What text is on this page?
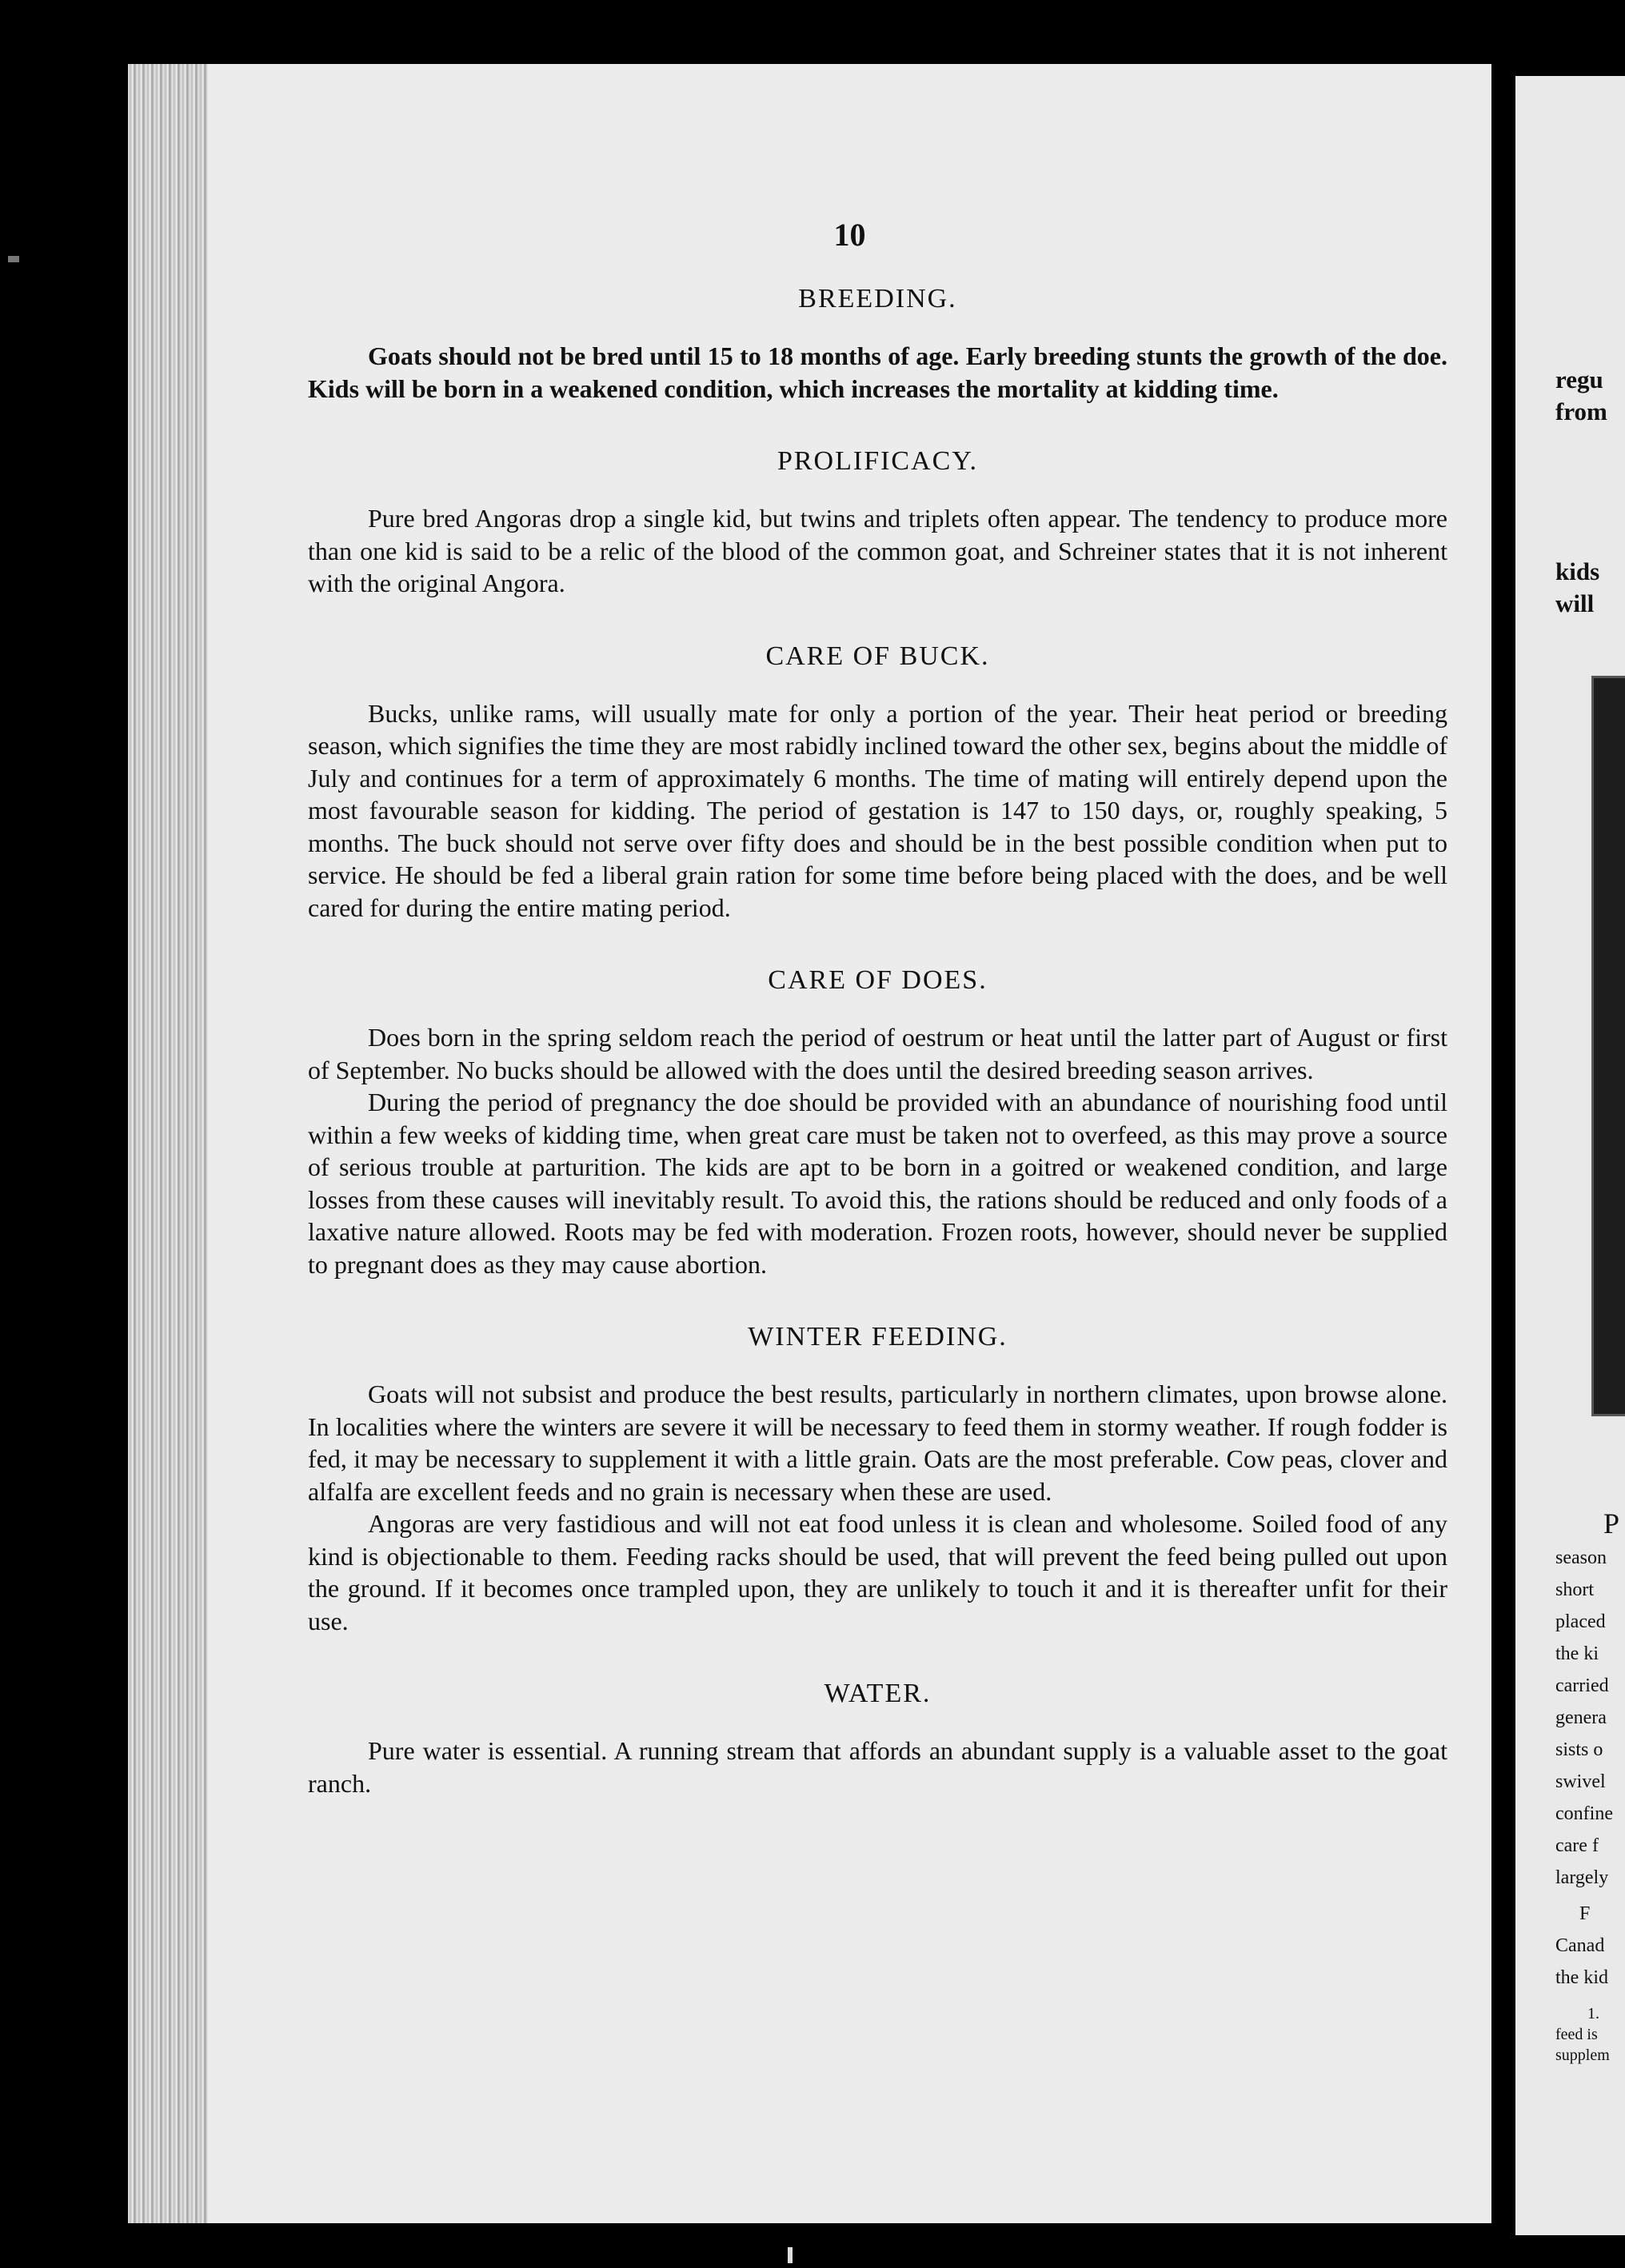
10
BREEDING.

Goats should not be bred until 15 to 18 months of age. Early breeding stunts the growth of the doe. Kids will be born in a weakened condition, which increases the mortality at kidding time.

PROLIFICACY.

Pure bred Angoras drop a single kid, but twins and triplets often appear. The tendency to produce more than one kid is said to be a relic of the blood of the common goat, and Schreiner states that it is not inherent with the original Angora.

CARE OF BUCK.

Bucks, unlike rams, will usually mate for only a portion of the year. Their heat period or breeding season, which signifies the time they are most rabidly inclined toward the other sex, begins about the middle of July and continues for a term of approximately 6 months. The time of mating will entirely depend upon the most favourable season for kidding. The period of gestation is 147 to 150 days, or, roughly speaking, 5 months. The buck should not serve over fifty does and should be in the best possible condition when put to service. He should be fed a liberal grain ration for some time before being placed with the does, and be well cared for during the entire mating period.

CARE OF DOES.

Does born in the spring seldom reach the period of oestrum or heat until the latter part of August or first of September. No bucks should be allowed with the does until the desired breeding season arrives.

During the period of pregnancy the doe should be provided with an abundance of nourishing food until within a few weeks of kidding time, when great care must be taken not to overfeed, as this may prove a source of serious trouble at parturition. The kids are apt to be born in a goitred or weakened condition, and large losses from these causes will inevitably result. To avoid this, the rations should be reduced and only foods of a laxative nature allowed. Roots may be fed with moderation. Frozen roots, however, should never be supplied to pregnant does as they may cause abortion.

WINTER FEEDING.

Goats will not subsist and produce the best results, particularly in northern climates, upon browse alone. In localities where the winters are severe it will be necessary to feed them in stormy weather. If rough fodder is fed, it may be necessary to supplement it with a little grain. Oats are the most preferable. Cow peas, clover and alfalfa are excellent feeds and no grain is necessary when these are used.

Angoras are very fastidious and will not eat food unless it is clean and wholesome. Soiled food of any kind is objectionable to them. Feeding racks should be used, that will prevent the feed being pulled out upon the ground. If it becomes once trampled upon, they are unlikely to touch it and it is thereafter unfit for their use.

WATER.

Pure water is essential. A running stream that affords an abundant supply is a valuable asset to the goat ranch.

regu
from
kids
will
P
season
short
placed
the ki
carried
genera
sists o
swivel
confine
care f
largely
F
Canad
the kid
1.
feed is
supplem
